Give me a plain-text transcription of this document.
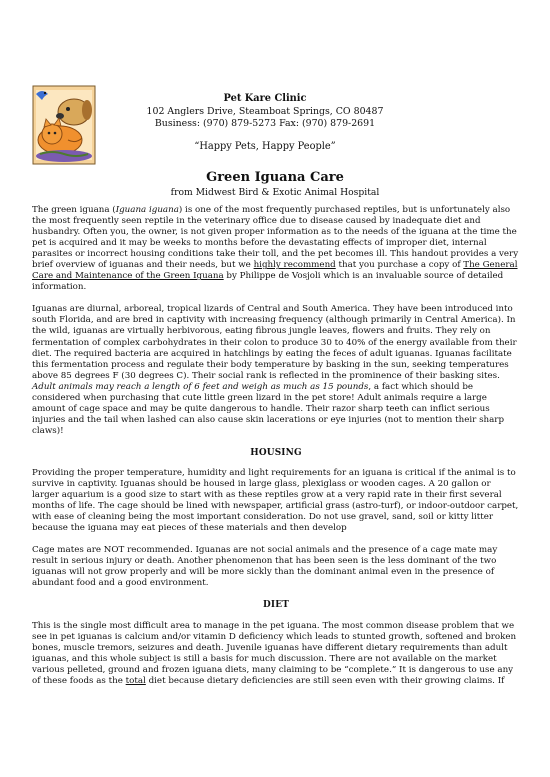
Pet Kare Clinic
102 Anglers Drive, Steamboat Springs, CO 80487
Business: (970) 879-5273 Fax: (970) 879-2691
“Happy Pets, Happy People”
Green Iguana Care
from Midwest Bird & Exotic Animal Hospital

The green iguana (Iguana iguana) is one of the most frequently purchased reptiles, but is unfortunately also the most frequently seen reptile in the veterinary office due to disease caused by inadequate diet and husbandry. Often you, the owner, is not given proper information as to the needs of the iguana at the time the pet is acquired and it may be weeks to months before the devastating effects of improper diet, internal parasites or incorrect housing conditions take their toll, and the pet becomes ill. This handout provides a very brief overview of iguanas and their needs, but we highly recommend that you purchase a copy of The General Care and Maintenance of the Green Iguana by Philippe de Vosjoli which is an invaluable source of detailed information.

Iguanas are diurnal, arboreal, tropical lizards of Central and South America. They have been introduced into south Florida, and are bred in captivity with increasing frequency (although primarily in Central America). In the wild, iguanas are virtually herbivorous, eating fibrous jungle leaves, flowers and fruits. They rely on fermentation of complex carbohydrates in their colon to produce 30 to 40% of the energy available from their diet. The required bacteria are acquired in hatchlings by eating the feces of adult iguanas. Iguanas facilitate this fermentation process and regulate their body temperature by basking in the sun, seeking temperatures above 85 degrees F (30 degrees C). Their social rank is reflected in the prominence of their basking sites. Adult animals may reach a length of 6 feet and weigh as much as 15 pounds, a fact which should be considered when purchasing that cute little green lizard in the pet store! Adult animals require a large amount of cage space and may be quite dangerous to handle. Their razor sharp teeth can inflict serious injuries and the tail when lashed can also cause skin lacerations or eye injuries (not to mention their sharp claws)!

HOUSING

Providing the proper temperature, humidity and light requirements for an iguana is critical if the animal is to survive in captivity. Iguanas should be housed in large glass, plexiglass or wooden cages. A 20 gallon or larger aquarium is a good size to start with as these reptiles grow at a very rapid rate in their first several months of life. The cage should be lined with newspaper, artificial grass (astro-turf), or indoor-outdoor carpet, with ease of cleaning being the most important consideration. Do not use gravel, sand, soil or kitty litter because the iguana may eat pieces of these materials and then develop

Cage mates are NOT recommended. Iguanas are not social animals and the presence of a cage mate may result in serious injury or death. Another phenomenon that has been seen is the less dominant of the two iguanas will not grow properly and will be more sickly than the dominant animal even in the presence of abundant food and a good environment.

DIET

This is the single most difficult area to manage in the pet iguana. The most common disease problem that we see in pet iguanas is calcium and/or vitamin D deficiency which leads to stunted growth, softened and broken bones, muscle tremors, seizures and death. Juvenile iguanas have different dietary requirements than adult iguanas, and this whole subject is still a basis for much discussion. There are not available on the market various pelleted, ground and frozen iguana diets, many claiming to be “complete.” It is dangerous to use any of these foods as the total diet because dietary deficiencies are still seen even with their growing claims. If
